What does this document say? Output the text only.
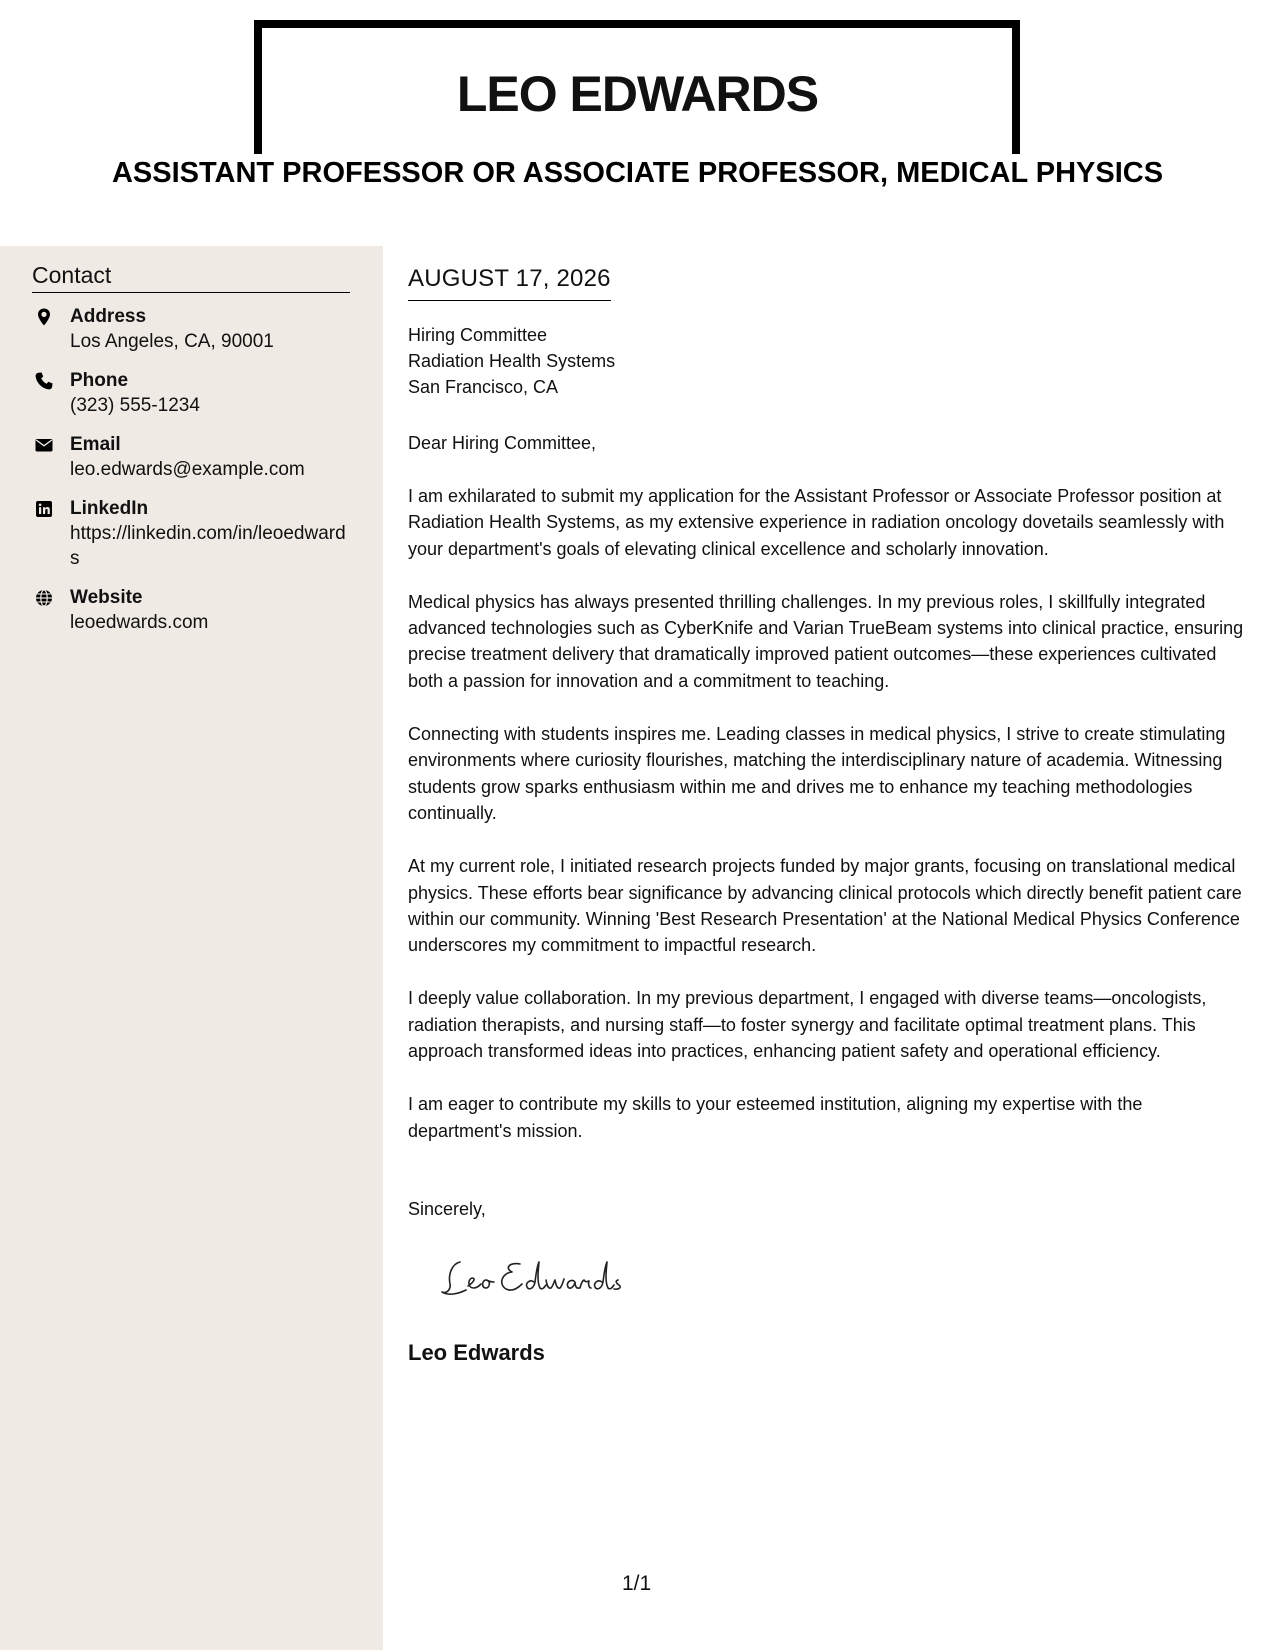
LEO EDWARDS
ASSISTANT PROFESSOR OR ASSOCIATE PROFESSOR, MEDICAL PHYSICS
Contact
Address
Los Angeles, CA, 90001
Phone
(323) 555-1234
Email
leo.edwards@example.com
LinkedIn
https://linkedin.com/in/leoedwards
Website
leoedwards.com
AUGUST 17, 2026
Hiring Committee
Radiation Health Systems
San Francisco, CA
Dear Hiring Committee,

I am exhilarated to submit my application for the Assistant Professor or Associate Professor position at Radiation Health Systems, as my extensive experience in radiation oncology dovetails seamlessly with your department's goals of elevating clinical excellence and scholarly innovation.

Medical physics has always presented thrilling challenges. In my previous roles, I skillfully integrated advanced technologies such as CyberKnife and Varian TrueBeam systems into clinical practice, ensuring precise treatment delivery that dramatically improved patient outcomes—these experiences cultivated both a passion for innovation and a commitment to teaching.

Connecting with students inspires me. Leading classes in medical physics, I strive to create stimulating environments where curiosity flourishes, matching the interdisciplinary nature of academia. Witnessing students grow sparks enthusiasm within me and drives me to enhance my teaching methodologies continually.

At my current role, I initiated research projects funded by major grants, focusing on translational medical physics. These efforts bear significance by advancing clinical protocols which directly benefit patient care within our community. Winning 'Best Research Presentation' at the National Medical Physics Conference underscores my commitment to impactful research.

I deeply value collaboration. In my previous department, I engaged with diverse teams—oncologists, radiation therapists, and nursing staff—to foster synergy and facilitate optimal treatment plans. This approach transformed ideas into practices, enhancing patient safety and operational efficiency.

I am eager to contribute my skills to your esteemed institution, aligning my expertise with the department's mission.

Sincerely,
Leo Edwards
1/1
